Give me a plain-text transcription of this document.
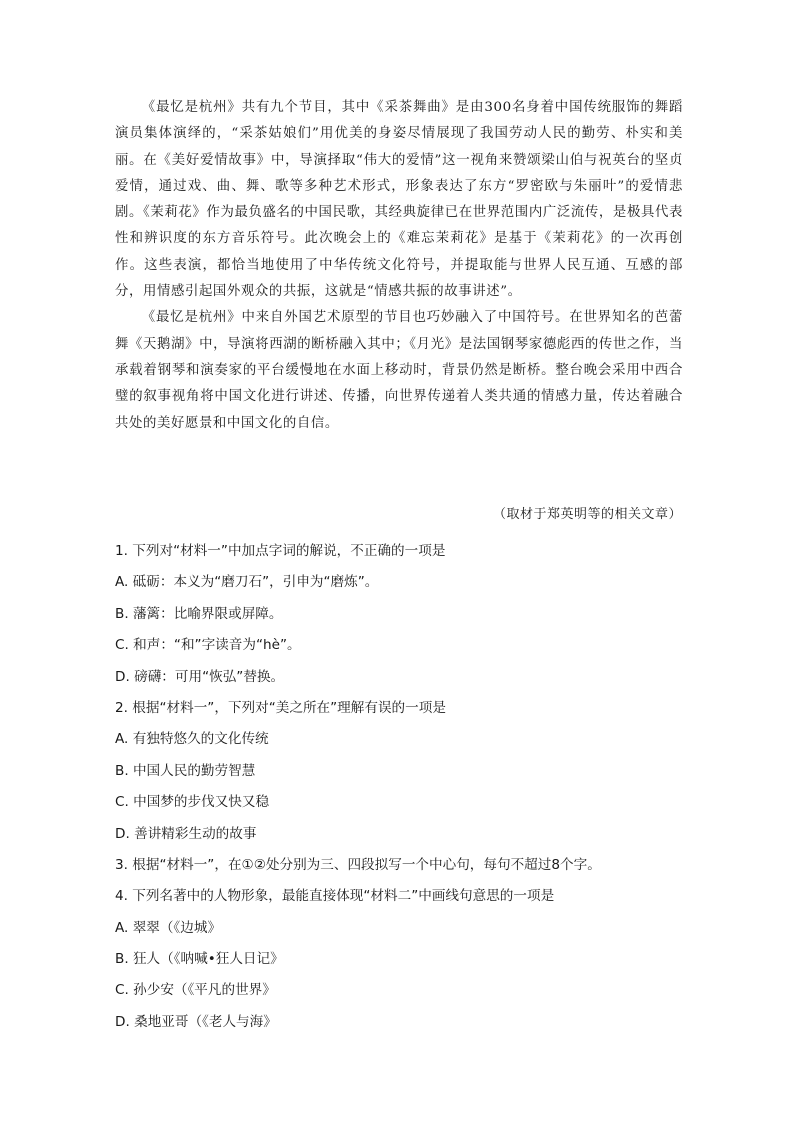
《最忆是杭州》共有九个节目，其中《采茶舞曲》是由300名身着中国传统服饰的舞蹈演员集体演绎的，“采茶姑娘们”用优美的身姿尽情展现了我国劳动人民的勤劳、朴实和美丽。在《美好爱情故事》中，导演择取“伟大的爱情”这一视角来赞颂梁山伯与祝英台的坚贞爱情，通过戏、曲、舞、歌等多种艺术形式，形象表达了东方“罗密欧与朱丽叶”的爱情悲剧。《茉莉花》作为最负盛名的中国民歌，其经典旋律已在世界范围内广泛流传，是极具代表性和辨识度的东方音乐符号。此次晚会上的《难忘茉莉花》是基于《茉莉花》的一次再创作。这些表演，都恰当地使用了中华传统文化符号，并提取能与世界人民互通、互感的部分，用情感引起国外观众的共振，这就是“情感共振的故事讲述”。

《最忆是杭州》中来自外国艺术原型的节目也巧妙融入了中国符号。在世界知名的芭蕾舞《天鹅湖》中，导演将西湖的断桥融入其中；《月光》是法国钢琴家德彪西的传世之作，当承载着钢琴和演奏家的平台缓慢地在水面上移动时，背景仍然是断桥。整台晚会采用中西合璧的叙事视角将中国文化进行讲述、传播，向世界传递着人类共通的情感力量，传达着融合共处的美好愿景和中国文化的自信。

（取材于郑英明等的相关文章）
1. 下列对“材料一”中加点字词的解说，不正确的一项是
A. 砥砺：本义为“磨刀石”，引申为“磨炼”。
B. 藩篱：比喻界限或屏障。
C. 和声：“和”字读音为“hè”。
D. 磅礴：可用“恢弘”替换。
2. 根据“材料一”，下列对“美之所在”理解有误的一项是
A. 有独特悠久的文化传统
B. 中国人民的勤劳智慧
C. 中国梦的步伐又快又稳
D. 善讲精彩生动的故事
3. 根据“材料一”，在①②处分别为三、四段拟写一个中心句，每句不超过8个字。
4. 下列名著中的人物形象，最能直接体现“材料二”中画线句意思的一项是
A. 翠翠（《边城》
B. 狂人（《呐喊•狂人日记》
C. 孙少安（《平凡的世界》
D. 桑地亚哥（《老人与海》
